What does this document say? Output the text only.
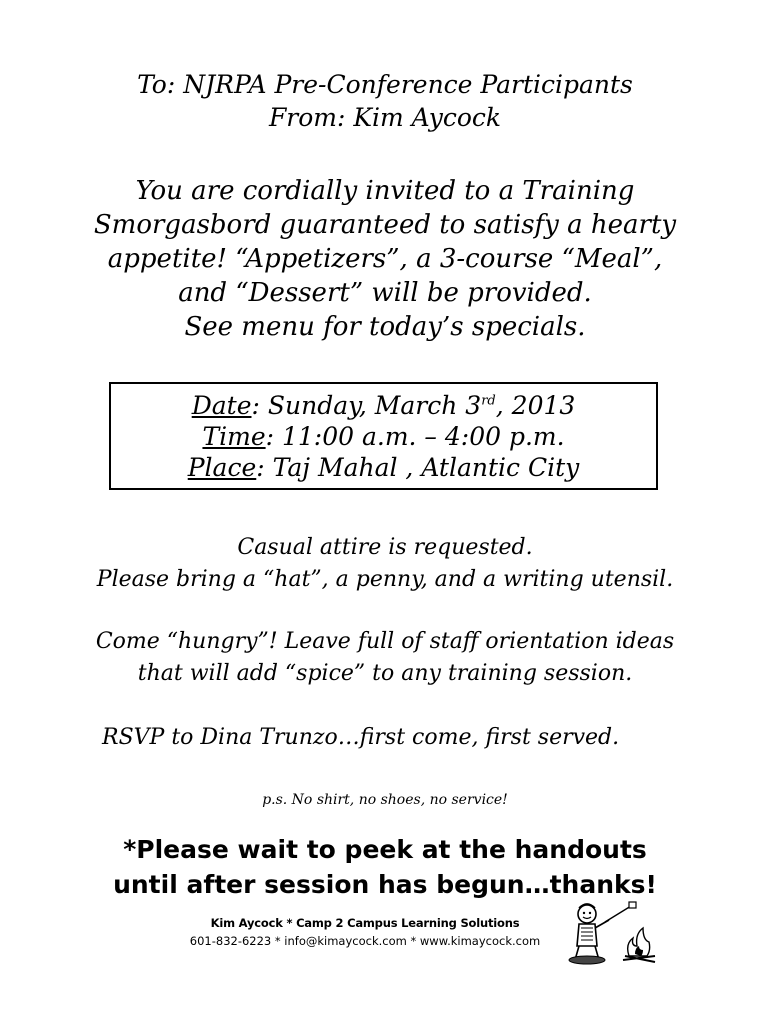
To: NJRPA Pre-Conference Participants
From: Kim Aycock
You are cordially invited to a Training
Smorgasbord guaranteed to satisfy a hearty
appetite! “Appetizers”, a 3-course “Meal”,
and “Dessert” will be provided.
See menu for today’s specials.
Date: Sunday, March 3rd, 2013
Time: 11:00 a.m. – 4:00 p.m.
Place: Taj Mahal , Atlantic City
Casual attire is requested.
Please bring a “hat”, a penny, and a writing utensil.
Come “hungry”! Leave full of staff orientation ideas
that will add “spice” to any training session.
RSVP to Dina Trunzo…first come, first served.
p.s. No shirt, no shoes, no service!
*Please wait to peek at the handouts
until after session has begun…thanks!
Kim Aycock * Camp 2 Campus Learning Solutions
601-832-6223 * info@kimaycock.com * www.kimaycock.com
